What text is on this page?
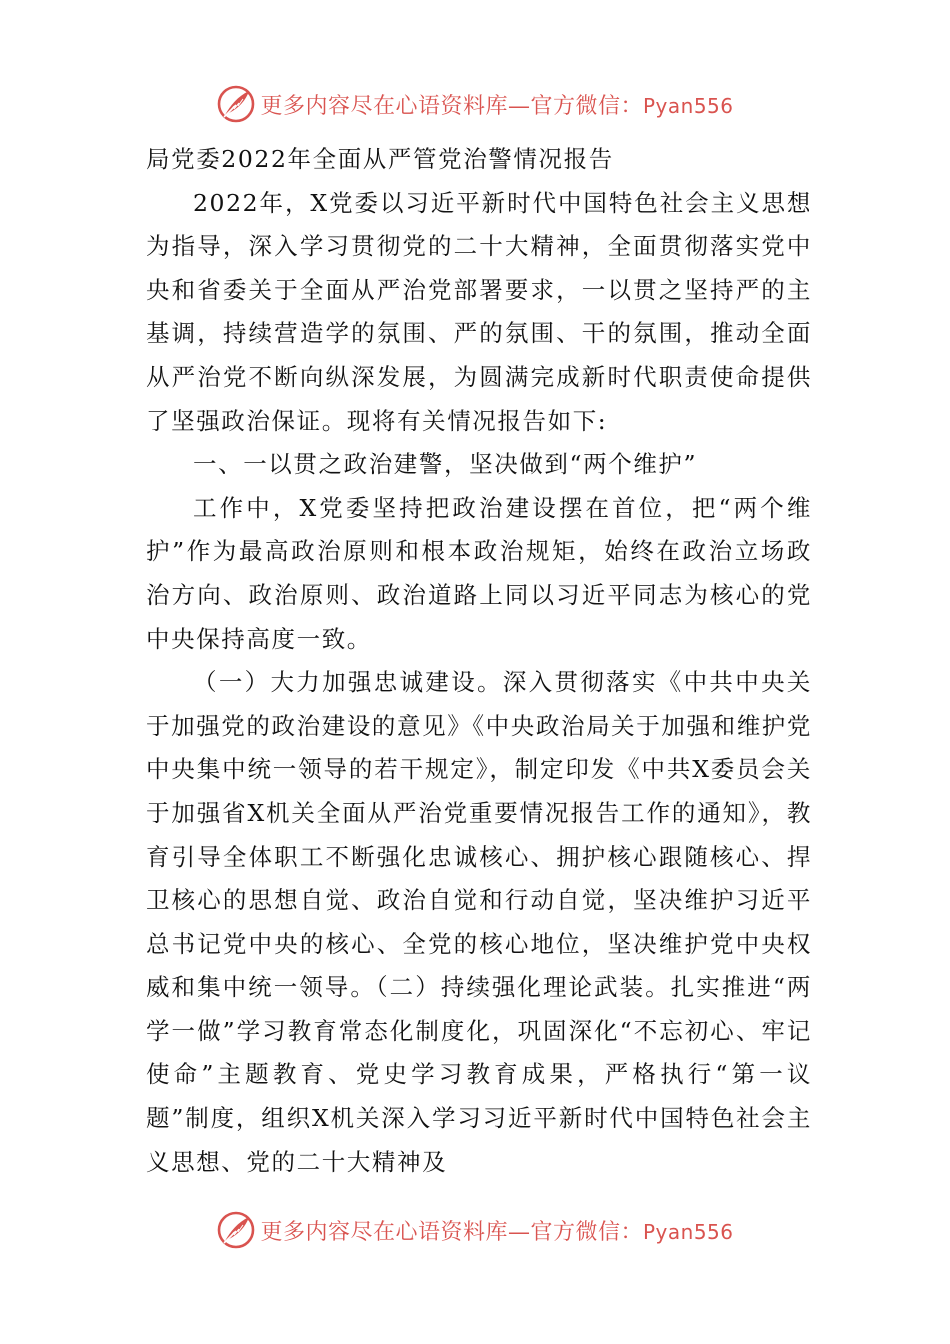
更多内容尽在心语资料库—官方微信：Pyan556

局党委2022年全面从严管党治警情况报告

2022年，X党委以习近平新时代中国特色社会主义思想为指导，深入学习贯彻党的二十大精神，全面贯彻落实党中央和省委关于全面从严治党部署要求，一以贯之坚持严的主基调，持续营造学的氛围、严的氛围、干的氛围，推动全面从严治党不断向纵深发展，为圆满完成新时代职责使命提供了坚强政治保证。现将有关情况报告如下:

一、一以贯之政治建警，坚决做到“两个维护”

工作中，X党委坚持把政治建设摆在首位，把“两个维护”作为最高政治原则和根本政治规矩，始终在政治立场政治方向、政治原则、政治道路上同以习近平同志为核心的党中央保持高度一致。

（一）大力加强忠诚建设。深入贯彻落实《中共中央关于加强党的政治建设的意见》《中央政治局关于加强和维护党中央集中统一领导的若干规定》，制定印发《中共X委员会关于加强省X机关全面从严治党重要情况报告工作的通知》，教育引导全体职工不断强化忠诚核心、拥护核心跟随核心、捍卫核心的思想自觉、政治自觉和行动自觉，坚决维护习近平总书记党中央的核心、全党的核心地位，坚决维护党中央权威和集中统一领导。（二）持续强化理论武装。扎实推进“两学一做”学习教育常态化制度化，巩固深化“不忘初心、牢记使命”主题教育、党史学习教育成果，严格执行“第一议题”制度，组织X机关深入学习习近平新时代中国特色社会主义思想、党的二十大精神及

更多内容尽在心语资料库—官方微信：Pyan556
